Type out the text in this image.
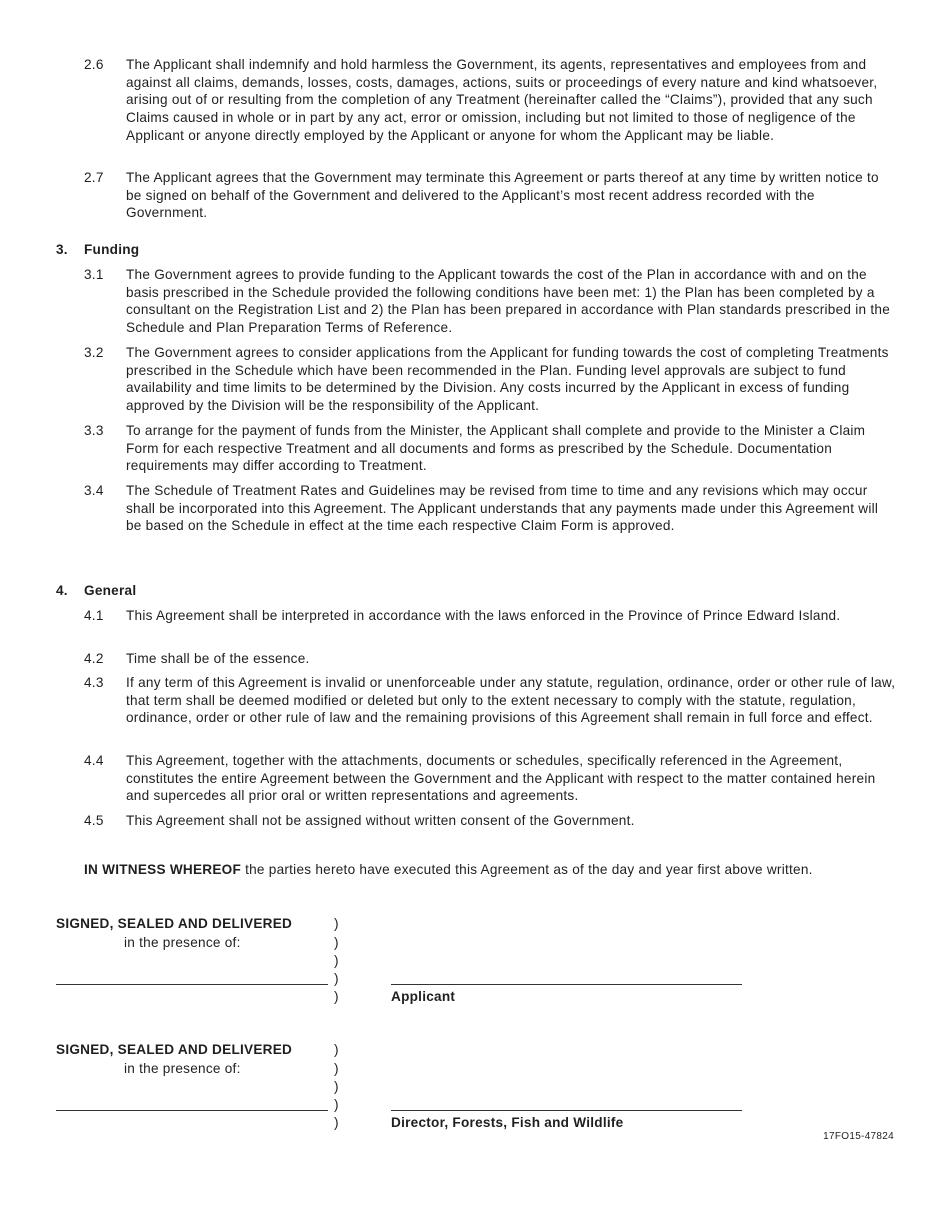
2.6	The Applicant shall indemnify and hold harmless the Government, its agents, representatives and employees from and against all claims, demands, losses, costs, damages, actions, suits or proceedings of every nature and kind whatsoever, arising out of or resulting from the completion of any Treatment (hereinafter called the “Claims”), provided that any such Claims caused in whole or in part by any act, error or omission, including but not limited to those of negligence of the Applicant or anyone directly employed by the Applicant or anyone for whom the Applicant may be liable.
2.7	The Applicant agrees that the Government may terminate this Agreement or parts thereof at any time by written notice to be signed on behalf of the Government and delivered to the Applicant’s most recent address recorded with the Government.
3. Funding
3.1	The Government agrees to provide funding to the Applicant towards the cost of the Plan in accordance with and on the basis prescribed in the Schedule provided the following conditions have been met: 1) the Plan has been completed by a consultant on the Registration List and 2) the Plan has been prepared in accordance with Plan standards prescribed in the Schedule and Plan Preparation Terms of Reference.
3.2	The Government agrees to consider applications from the Applicant for funding towards the cost of completing Treatments prescribed in the Schedule which have been recommended in the Plan. Funding level approvals are subject to fund availability and time limits to be determined by the Division. Any costs incurred by the Applicant in excess of funding approved by the Division will be the responsibility of the Applicant.
3.3	To arrange for the payment of funds from the Minister, the Applicant shall complete and provide to the Minister a Claim Form for each respective Treatment and all documents and forms as prescribed by the Schedule. Documentation requirements may differ according to Treatment.
3.4	The Schedule of Treatment Rates and Guidelines may be revised from time to time and any revisions which may occur shall be incorporated into this Agreement. The Applicant understands that any payments made under this Agreement will be based on the Schedule in effect at the time each respective Claim Form is approved.
4. General
4.1	This Agreement shall be interpreted in accordance with the laws enforced in the Province of Prince Edward Island.
4.2	Time shall be of the essence.
4.3	If any term of this Agreement is invalid or unenforceable under any statute, regulation, ordinance, order or other rule of law, that term shall be deemed modified or deleted but only to the extent necessary to comply with the statute, regulation, ordinance, order or other rule of law and the remaining provisions of this Agreement shall remain in full force and effect.
4.4	This Agreement, together with the attachments, documents or schedules, specifically referenced in the Agreement, constitutes the entire Agreement between the Government and the Applicant with respect to the matter contained herein and supercedes all prior oral or written representations and agreements.
4.5	This Agreement shall not be assigned without written consent of the Government.
IN WITNESS WHEREOF the parties hereto have executed this Agreement as of the day and year first above written.
SIGNED, SEALED AND DELIVERED
in the presence of:
)
)
)
)
)	Applicant
SIGNED, SEALED AND DELIVERED
in the presence of:
)
)
)
)
)	Director, Forests, Fish and Wildlife
17FO15-47824
